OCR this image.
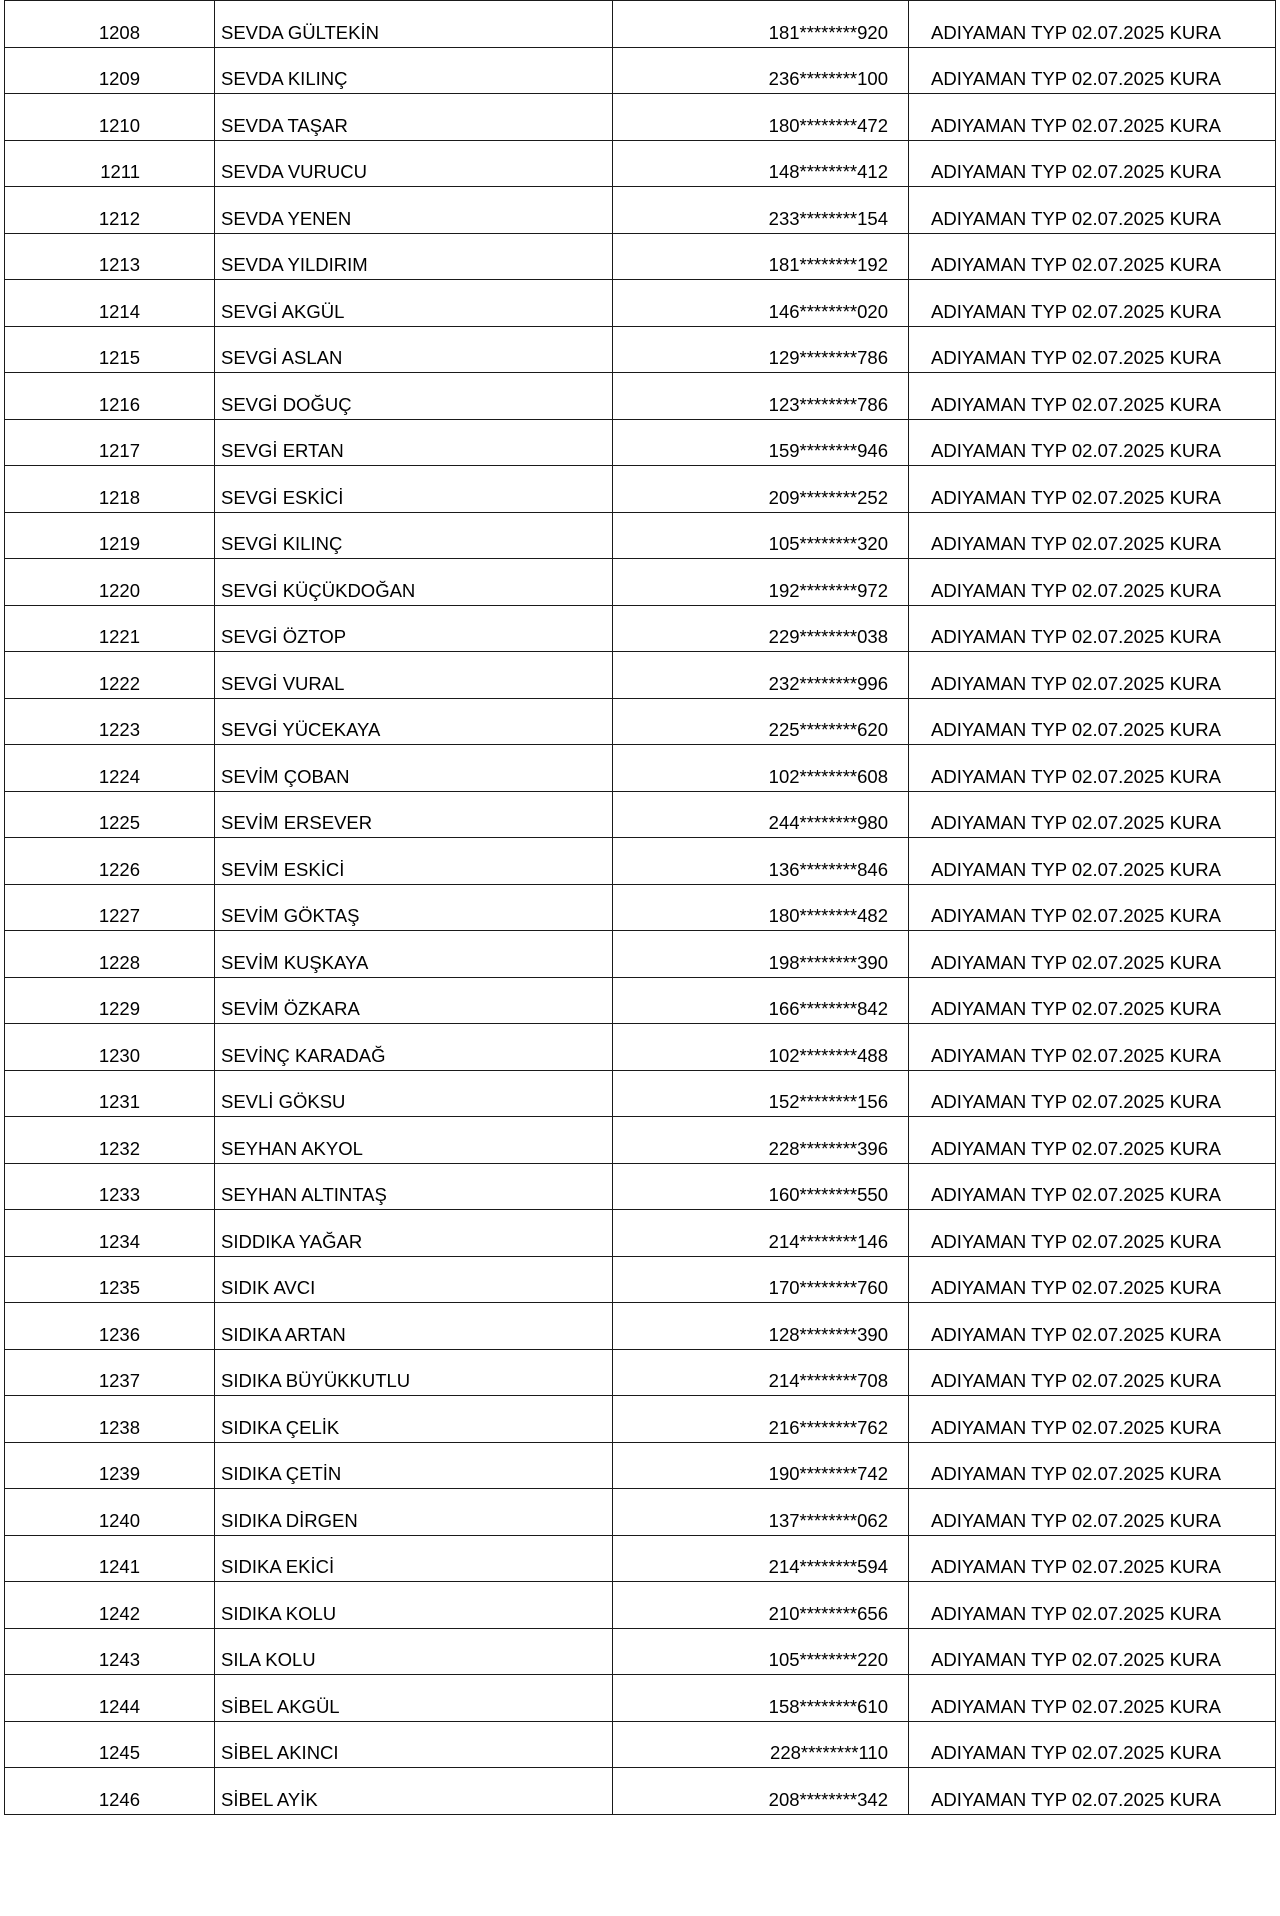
1208	SEVDA GÜLTEKİN	181********920	ADIYAMAN TYP 02.07.2025 KURA
1209	SEVDA KILINÇ	236********100	ADIYAMAN TYP 02.07.2025 KURA
1210	SEVDA TAŞAR	180********472	ADIYAMAN TYP 02.07.2025 KURA
1211	SEVDA VURUCU	148********412	ADIYAMAN TYP 02.07.2025 KURA
1212	SEVDA YENEN	233********154	ADIYAMAN TYP 02.07.2025 KURA
1213	SEVDA YILDIRIM	181********192	ADIYAMAN TYP 02.07.2025 KURA
1214	SEVGİ AKGÜL	146********020	ADIYAMAN TYP 02.07.2025 KURA
1215	SEVGİ ASLAN	129********786	ADIYAMAN TYP 02.07.2025 KURA
1216	SEVGİ DOĞUÇ	123********786	ADIYAMAN TYP 02.07.2025 KURA
1217	SEVGİ ERTAN	159********946	ADIYAMAN TYP 02.07.2025 KURA
1218	SEVGİ ESKİCİ	209********252	ADIYAMAN TYP 02.07.2025 KURA
1219	SEVGİ KILINÇ	105********320	ADIYAMAN TYP 02.07.2025 KURA
1220	SEVGİ KÜÇÜKDOĞAN	192********972	ADIYAMAN TYP 02.07.2025 KURA
1221	SEVGİ ÖZTOP	229********038	ADIYAMAN TYP 02.07.2025 KURA
1222	SEVGİ VURAL	232********996	ADIYAMAN TYP 02.07.2025 KURA
1223	SEVGİ YÜCEKAYA	225********620	ADIYAMAN TYP 02.07.2025 KURA
1224	SEVİM ÇOBAN	102********608	ADIYAMAN TYP 02.07.2025 KURA
1225	SEVİM ERSEVER	244********980	ADIYAMAN TYP 02.07.2025 KURA
1226	SEVİM ESKİCİ	136********846	ADIYAMAN TYP 02.07.2025 KURA
1227	SEVİM GÖKTAŞ	180********482	ADIYAMAN TYP 02.07.2025 KURA
1228	SEVİM KUŞKAYA	198********390	ADIYAMAN TYP 02.07.2025 KURA
1229	SEVİM ÖZKARA	166********842	ADIYAMAN TYP 02.07.2025 KURA
1230	SEVİNÇ KARADAĞ	102********488	ADIYAMAN TYP 02.07.2025 KURA
1231	SEVLİ GÖKSU	152********156	ADIYAMAN TYP 02.07.2025 KURA
1232	SEYHAN AKYOL	228********396	ADIYAMAN TYP 02.07.2025 KURA
1233	SEYHAN ALTINTAŞ	160********550	ADIYAMAN TYP 02.07.2025 KURA
1234	SIDDIKA YAĞAR	214********146	ADIYAMAN TYP 02.07.2025 KURA
1235	SIDIK AVCI	170********760	ADIYAMAN TYP 02.07.2025 KURA
1236	SIDIKA ARTAN	128********390	ADIYAMAN TYP 02.07.2025 KURA
1237	SIDIKA BÜYÜKKUTLU	214********708	ADIYAMAN TYP 02.07.2025 KURA
1238	SIDIKA ÇELİK	216********762	ADIYAMAN TYP 02.07.2025 KURA
1239	SIDIKA ÇETİN	190********742	ADIYAMAN TYP 02.07.2025 KURA
1240	SIDIKA DİRGEN	137********062	ADIYAMAN TYP 02.07.2025 KURA
1241	SIDIKA EKİCİ	214********594	ADIYAMAN TYP 02.07.2025 KURA
1242	SIDIKA KOLU	210********656	ADIYAMAN TYP 02.07.2025 KURA
1243	SILA KOLU	105********220	ADIYAMAN TYP 02.07.2025 KURA
1244	SİBEL AKGÜL	158********610	ADIYAMAN TYP 02.07.2025 KURA
1245	SİBEL AKINCI	228********110	ADIYAMAN TYP 02.07.2025 KURA
1246	SİBEL AYİK	208********342	ADIYAMAN TYP 02.07.2025 KURA
